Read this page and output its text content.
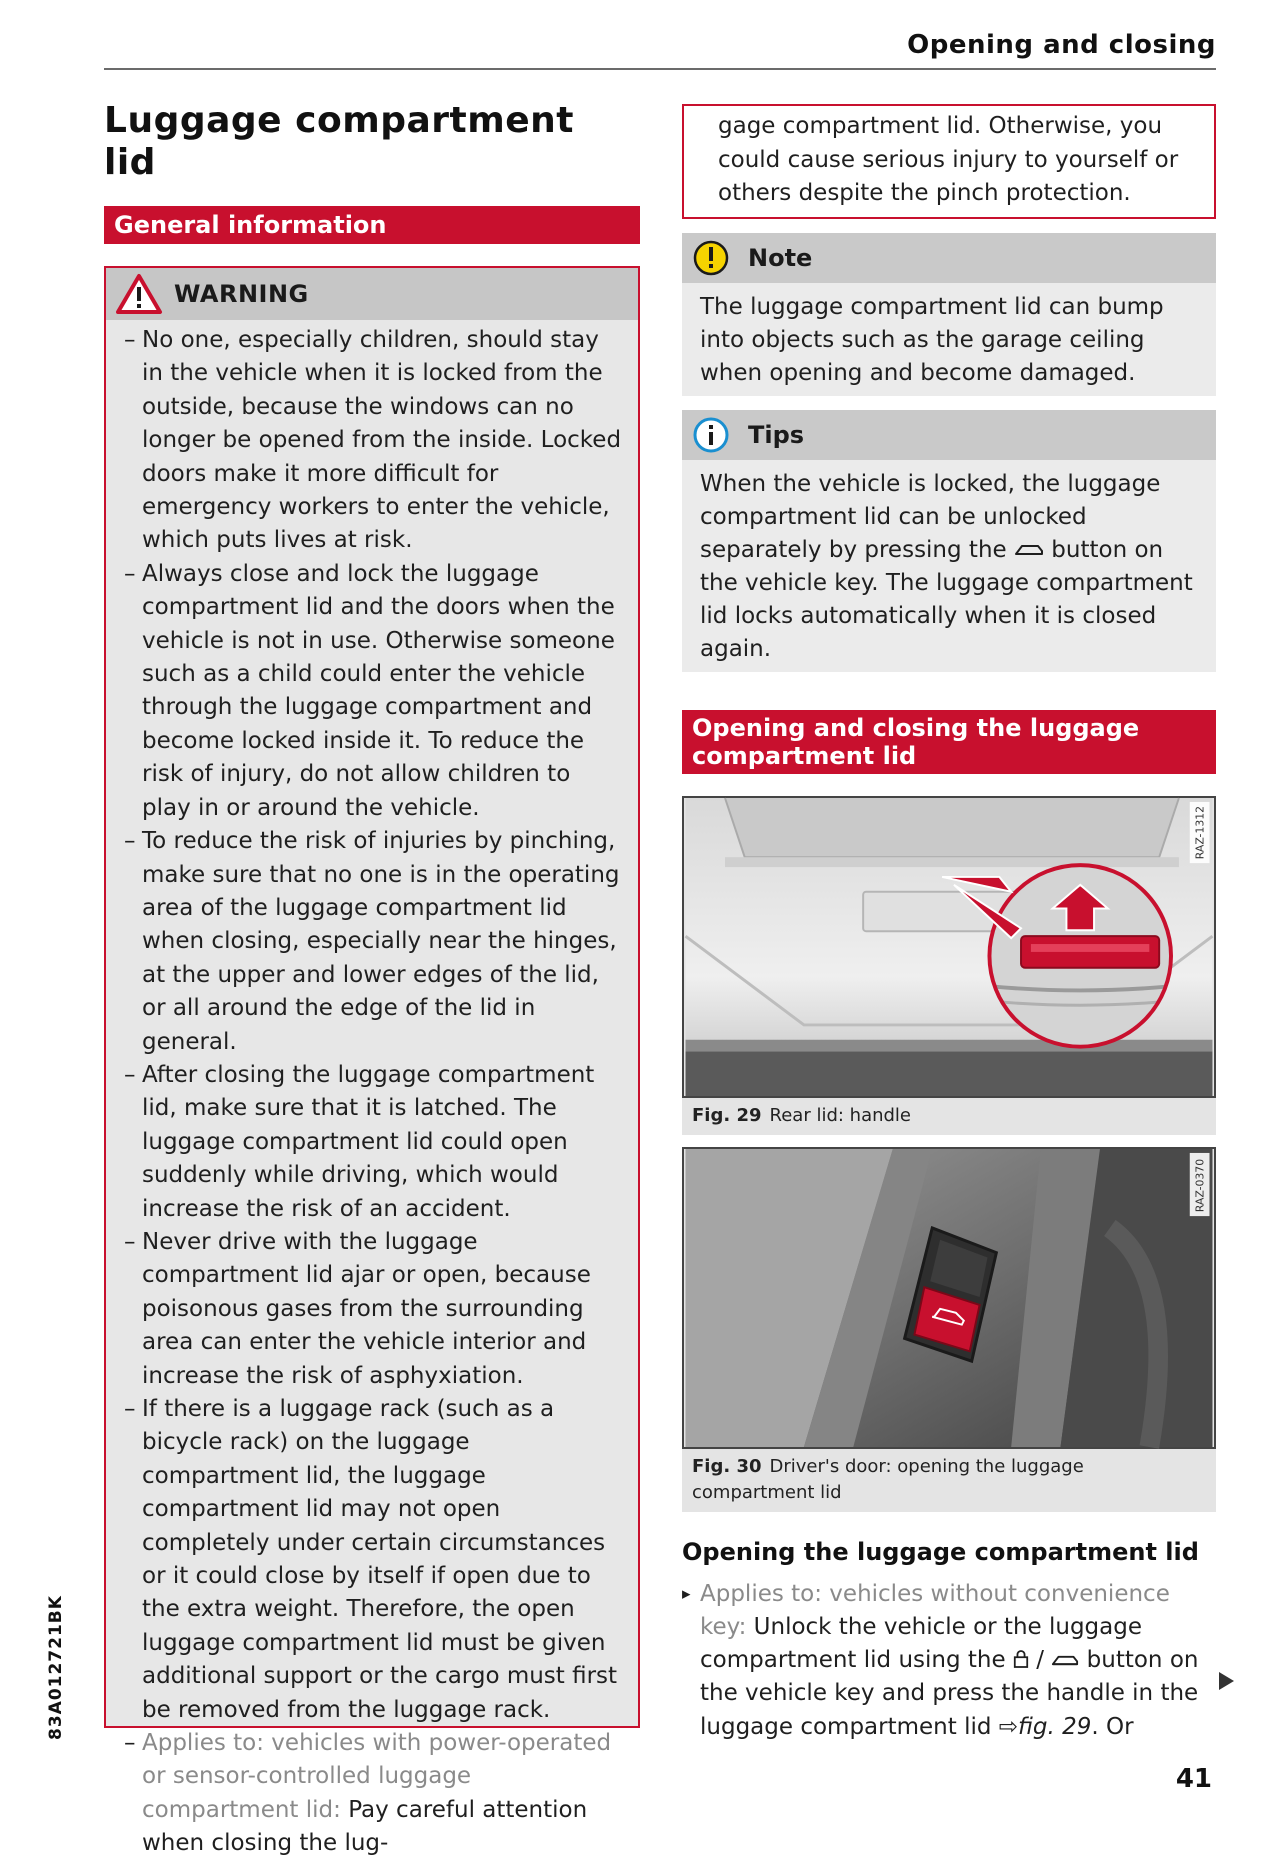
Opening and closing
83A012721BK
Luggage compartment
lid
General information
WARNING
– No one, especially children, should stay in the vehicle when it is locked from the outside, because the windows can no longer be opened from the inside. Locked doors make it more difficult for emergency workers to enter the vehicle, which puts lives at risk.
– Always close and lock the luggage compartment lid and the doors when the vehicle is not in use. Otherwise someone such as a child could enter the vehicle through the luggage compartment and become locked inside it. To reduce the risk of injury, do not allow children to play in or around the vehicle.
– To reduce the risk of injuries by pinching, make sure that no one is in the operating area of the luggage compartment lid when closing, especially near the hinges, at the upper and lower edges of the lid, or all around the edge of the lid in general.
– After closing the luggage compartment lid, make sure that it is latched. The luggage compartment lid could open suddenly while driving, which would increase the risk of an accident.
– Never drive with the luggage compartment lid ajar or open, because poisonous gases from the surrounding area can enter the vehicle interior and increase the risk of asphyxiation.
– If there is a luggage rack (such as a bicycle rack) on the luggage compartment lid, the luggage compartment lid may not open completely under certain circumstances or it could close by itself if open due to the extra weight. Therefore, the open luggage compartment lid must be given additional support or the cargo must first be removed from the luggage rack.
– Applies to: vehicles with power-operated or sensor-controlled luggage compartment lid: Pay careful attention when closing the lug-
gage compartment lid. Otherwise, you could cause serious injury to yourself or others despite the pinch protection.
Note
The luggage compartment lid can bump into objects such as the garage ceiling when opening and become damaged.
Tips
When the vehicle is locked, the luggage compartment lid can be unlocked separately by pressing the button on the vehicle key. The luggage compartment lid locks automatically when it is closed again.
Opening and closing the luggage
compartment lid
RAZ-1312
Fig. 29 Rear lid: handle
RAZ-0370
Fig. 30 Driver's door: opening the luggage compartment lid
Opening the luggage compartment lid
▸ Applies to: vehicles without convenience key: Unlock the vehicle or the luggage compartment lid using the / button on the vehicle key and press the handle in the luggage compartment lid ⇨fig. 29. Or
41
